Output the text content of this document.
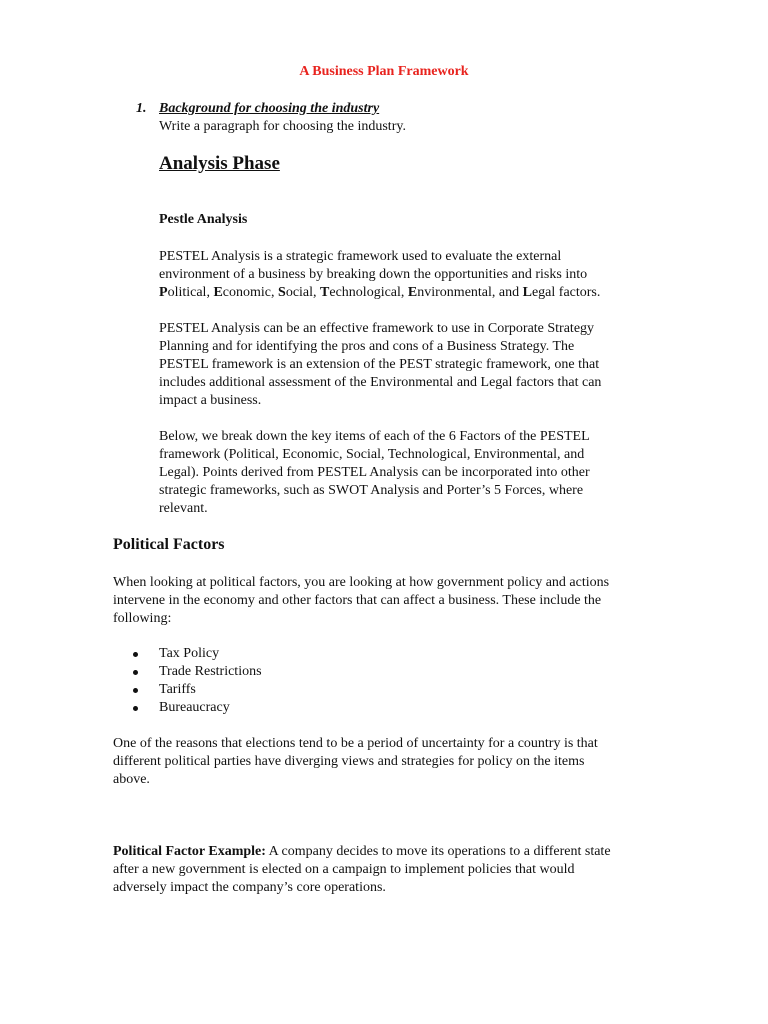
A Business Plan Framework
1. Background for choosing the industry
Write a paragraph for choosing the industry.
Analysis Phase
Pestle Analysis

PESTEL Analysis is a strategic framework used to evaluate the external
environment of a business by breaking down the opportunities and risks into
Political, Economic, Social, Technological, Environmental, and Legal factors.

PESTEL Analysis can be an effective framework to use in Corporate Strategy
Planning and for identifying the pros and cons of a Business Strategy. The
PESTEL framework is an extension of the PEST strategic framework, one that
includes additional assessment of the Environmental and Legal factors that can
impact a business.

Below, we break down the key items of each of the 6 Factors of the PESTEL
framework (Political, Economic, Social, Technological, Environmental, and
Legal). Points derived from PESTEL Analysis can be incorporated into other
strategic frameworks, such as SWOT Analysis and Porter’s 5 Forces, where
relevant.

Political Factors

When looking at political factors, you are looking at how government policy and actions
intervene in the economy and other factors that can affect a business. These include the
following:

Tax Policy
Trade Restrictions
Tariffs
Bureaucracy

One of the reasons that elections tend to be a period of uncertainty for a country is that
different political parties have diverging views and strategies for policy on the items
above.

Political Factor Example: A company decides to move its operations to a different state
after a new government is elected on a campaign to implement policies that would
adversely impact the company’s core operations.
